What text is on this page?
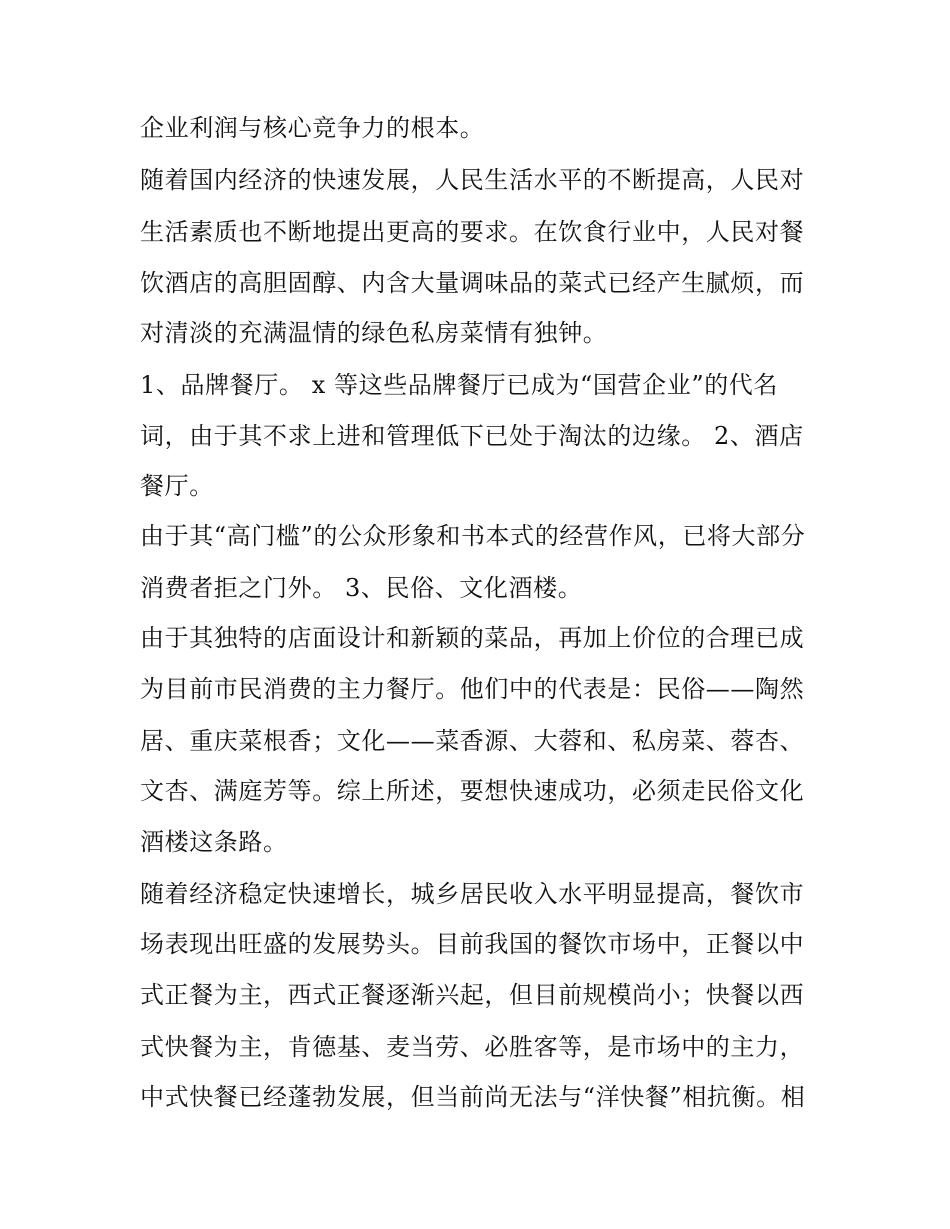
企业利润与核心竞争力的根本。
随着国内经济的快速发展，人民生活水平的不断提高，人民对
生活素质也不断地提出更高的要求。在饮食行业中，人民对餐
饮酒店的高胆固醇、内含大量调味品的菜式已经产生腻烦，而
对清淡的充满温情的绿色私房菜情有独钟。
1、品牌餐厅。 x 等这些品牌餐厅已成为“国营企业”的代名
词，由于其不求上进和管理低下已处于淘汰的边缘。 2、酒店
餐厅。
由于其“高门槛”的公众形象和书本式的经营作风，已将大部分
消费者拒之门外。 3、民俗、文化酒楼。
由于其独特的店面设计和新颖的菜品，再加上价位的合理已成
为目前市民消费的主力餐厅。他们中的代表是：民俗——陶然
居、重庆菜根香；文化——菜香源、大蓉和、私房菜、蓉杏、
文杏、满庭芳等。综上所述，要想快速成功，必须走民俗文化
酒楼这条路。
随着经济稳定快速增长，城乡居民收入水平明显提高，餐饮市
场表现出旺盛的发展势头。目前我国的餐饮市场中，正餐以中
式正餐为主，西式正餐逐渐兴起，但目前规模尚小；快餐以西
式快餐为主，肯德基、麦当劳、必胜客等，是市场中的主力，
中式快餐已经蓬勃发展，但当前尚无法与“洋快餐”相抗衡。相
